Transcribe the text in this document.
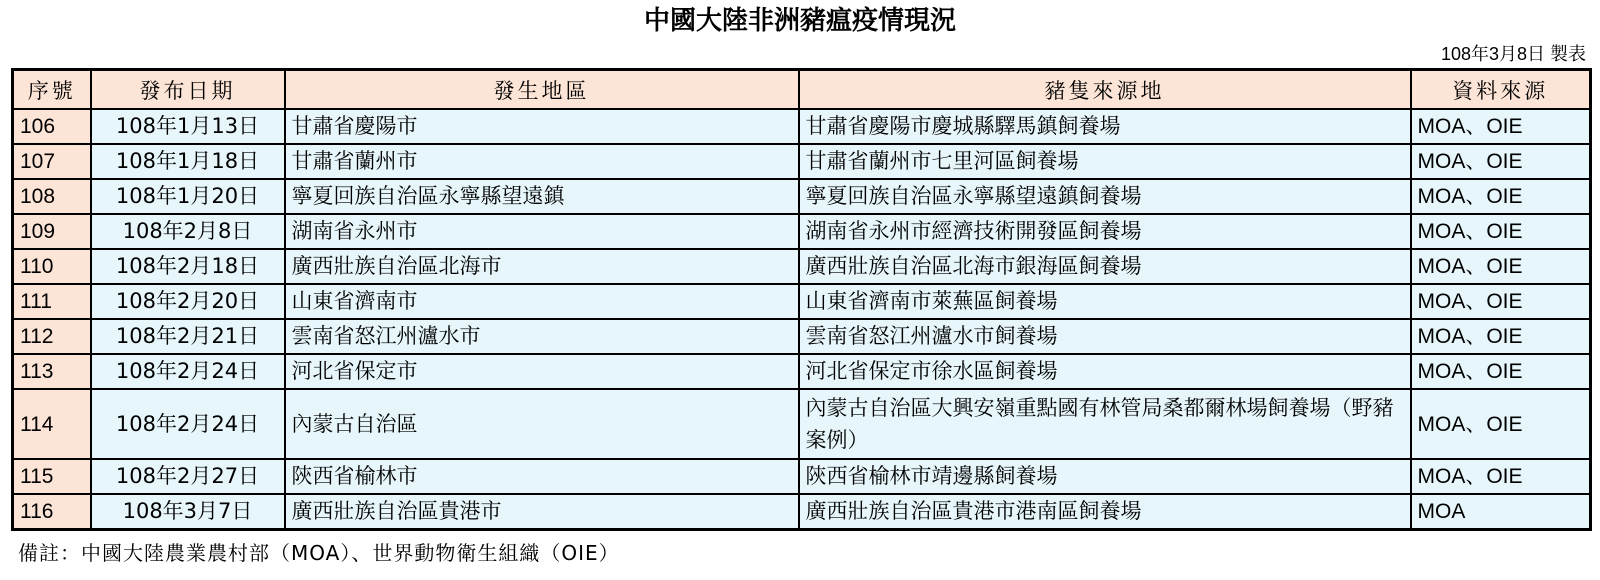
中國大陸非洲豬瘟疫情現況
108年3月8日 製表
序號	發布日期	發生地區	豬隻來源地	資料來源
106	108年1月13日	甘肅省慶陽市	甘肅省慶陽市慶城縣驛馬鎮飼養場	MOA、OIE
107	108年1月18日	甘肅省蘭州市	甘肅省蘭州市七里河區飼養場	MOA、OIE
108	108年1月20日	寧夏回族自治區永寧縣望遠鎮	寧夏回族自治區永寧縣望遠鎮飼養場	MOA、OIE
109	108年2月8日	湖南省永州市	湖南省永州市經濟技術開發區飼養場	MOA、OIE
110	108年2月18日	廣西壯族自治區北海市	廣西壯族自治區北海市銀海區飼養場	MOA、OIE
111	108年2月20日	山東省濟南市	山東省濟南市萊蕪區飼養場	MOA、OIE
112	108年2月21日	雲南省怒江州瀘水市	雲南省怒江州瀘水市飼養場	MOA、OIE
113	108年2月24日	河北省保定市	河北省保定市徐水區飼養場	MOA、OIE
114	108年2月24日	內蒙古自治區	內蒙古自治區大興安嶺重點國有林管局桑都爾林場飼養場（野豬案例）	MOA、OIE
115	108年2月27日	陝西省榆林市	陝西省榆林市靖邊縣飼養場	MOA、OIE
116	108年3月7日	廣西壯族自治區貴港市	廣西壯族自治區貴港市港南區飼養場	MOA
備註：中國大陸農業農村部（MOA）、世界動物衛生組織（OIE）
